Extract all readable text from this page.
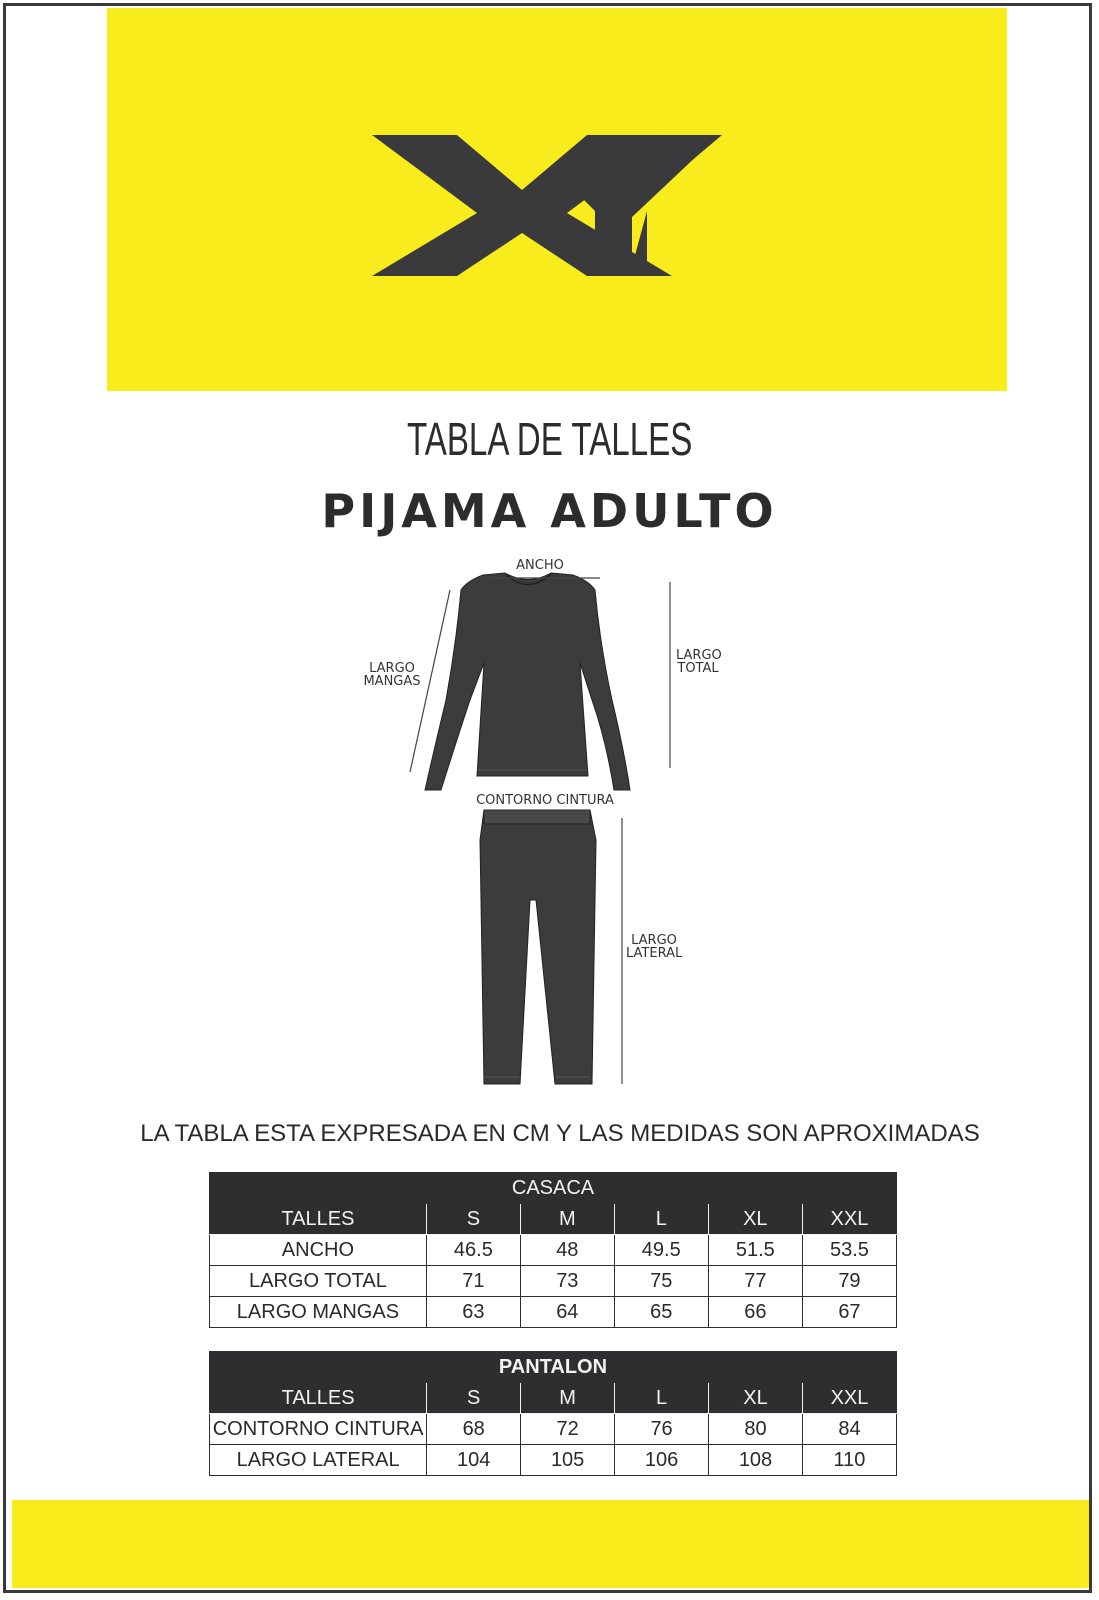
TABLA DE TALLES
PIJAMA ADULTO
ANCHO
LARGO
MANGAS
LARGO
TOTAL
CONTORNO CINTURA
LARGO
LATERAL
LA TABLA ESTA EXPRESADA EN CM Y LAS MEDIDAS SON APROXIMADAS
CASACA					
TALLES	S	M	L	XL	XXL
ANCHO	46.5	48	49.5	51.5	53.5
LARGO TOTAL	71	73	75	77	79
LARGO MANGAS	63	64	65	66	67
PANTALON					
TALLES	S	M	L	XL	XXL
CONTORNO CINTURA	68	72	76	80	84
LARGO LATERAL	104	105	106	108	110
